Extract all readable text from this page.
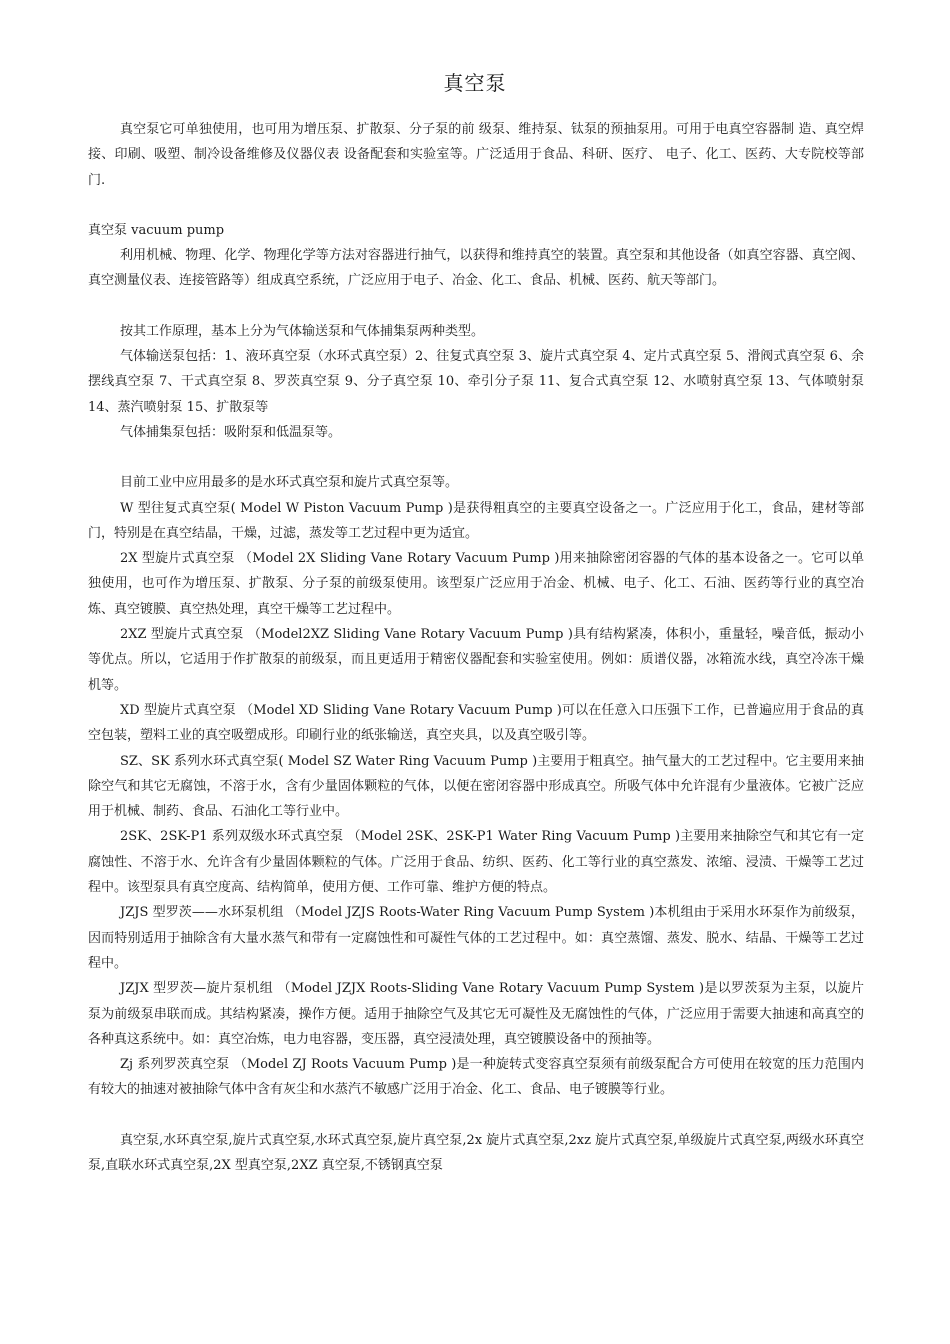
真空泵

真空泵它可单独使用，也可用为增压泵、扩散泵、分子泵的前 级泵、维持泵、钛泵的预抽泵用。可用于电真空容器制 造、真空焊接、印刷、吸塑、制冷设备维修及仪器仪表 设备配套和实验室等。广泛适用于食品、科研、医疗、 电子、化工、医药、大专院校等部门.

真空泵 vacuum pump

利用机械、物理、化学、物理化学等方法对容器进行抽气，以获得和维持真空的装置。真空泵和其他设备（如真空容器、真空阀、真空测量仪表、连接管路等）组成真空系统，广泛应用于电子、冶金、化工、食品、机械、医药、航天等部门。

按其工作原理，基本上分为气体输送泵和气体捕集泵两种类型。

气体输送泵包括：1、液环真空泵（水环式真空泵）2、往复式真空泵 3、旋片式真空泵 4、定片式真空泵 5、滑阀式真空泵 6、余摆线真空泵 7、干式真空泵 8、罗茨真空泵 9、分子真空泵 10、牵引分子泵 11、复合式真空泵 12、水喷射真空泵 13、气体喷射泵 14、蒸汽喷射泵 15、扩散泵等

气体捕集泵包括：吸附泵和低温泵等。

目前工业中应用最多的是水环式真空泵和旋片式真空泵等。

W 型往复式真空泵( Model W Piston Vacuum Pump )是获得粗真空的主要真空设备之一。广泛应用于化工，食品，建材等部门，特别是在真空结晶，干燥，过滤，蒸发等工艺过程中更为适宜。

2X 型旋片式真空泵 （Model 2X Sliding Vane Rotary Vacuum Pump )用来抽除密闭容器的气体的基本设备之一。它可以单独使用，也可作为增压泵、扩散泵、分子泵的前级泵使用。该型泵广泛应用于冶金、机械、电子、化工、石油、医药等行业的真空冶炼、真空镀膜、真空热处理，真空干燥等工艺过程中。

2XZ 型旋片式真空泵 （Model2XZ Sliding Vane Rotary Vacuum Pump )具有结构紧凑，体积小，重量轻，噪音低，振动小等优点。所以，它适用于作扩散泵的前级泵，而且更适用于精密仪器配套和实验室使用。例如：质谱仪器，冰箱流水线，真空冷冻干燥机等。

XD 型旋片式真空泵 （Model XD Sliding Vane Rotary Vacuum Pump )可以在任意入口压强下工作，已普遍应用于食品的真空包装，塑料工业的真空吸塑成形。印刷行业的纸张输送，真空夹具，以及真空吸引等。

SZ、SK 系列水环式真空泵( Model SZ Water Ring Vacuum Pump )主要用于粗真空。抽气量大的工艺过程中。它主要用来抽除空气和其它无腐蚀，不溶于水，含有少量固体颗粒的气体，以便在密闭容器中形成真空。所吸气体中允许混有少量液体。它被广泛应用于机械、制药、食品、石油化工等行业中。

2SK、2SK-P1 系列双级水环式真空泵 （Model 2SK、2SK-P1 Water Ring Vacuum Pump )主要用来抽除空气和其它有一定腐蚀性、不溶于水、允许含有少量固体颗粒的气体。广泛用于食品、纺织、医药、化工等行业的真空蒸发、浓缩、浸渍、干燥等工艺过程中。该型泵具有真空度高、结构简单，使用方便、工作可靠、维护方便的特点。

JZJS 型罗茨——水环泵机组 （Model JZJS Roots-Water Ring Vacuum Pump System )本机组由于采用水环泵作为前级泵，因而特别适用于抽除含有大量水蒸气和带有一定腐蚀性和可凝性气体的工艺过程中。如：真空蒸馏、蒸发、脱水、结晶、干燥等工艺过程中。

JZJX 型罗茨—旋片泵机组 （Model JZJX Roots-Sliding Vane Rotary Vacuum Pump System )是以罗茨泵为主泵，以旋片泵为前级泵串联而成。其结构紧凑，操作方便。适用于抽除空气及其它无可凝性及无腐蚀性的气体，广泛应用于需要大抽速和高真空的各种真这系统中。如：真空冶炼，电力电容器，变压器，真空浸渍处理，真空镀膜设备中的预抽等。

Zj 系列罗茨真空泵 （Model ZJ Roots Vacuum Pump )是一种旋转式变容真空泵须有前级泵配合方可使用在较宽的压力范围内有较大的抽速对被抽除气体中含有灰尘和水蒸汽不敏感广泛用于冶金、化工、食品、电子镀膜等行业。

真空泵,水环真空泵,旋片式真空泵,水环式真空泵,旋片真空泵,2x 旋片式真空泵,2xz 旋片式真空泵,单级旋片式真空泵,两级水环真空泵,直联水环式真空泵,2X 型真空泵,2XZ 真空泵,不锈钢真空泵
